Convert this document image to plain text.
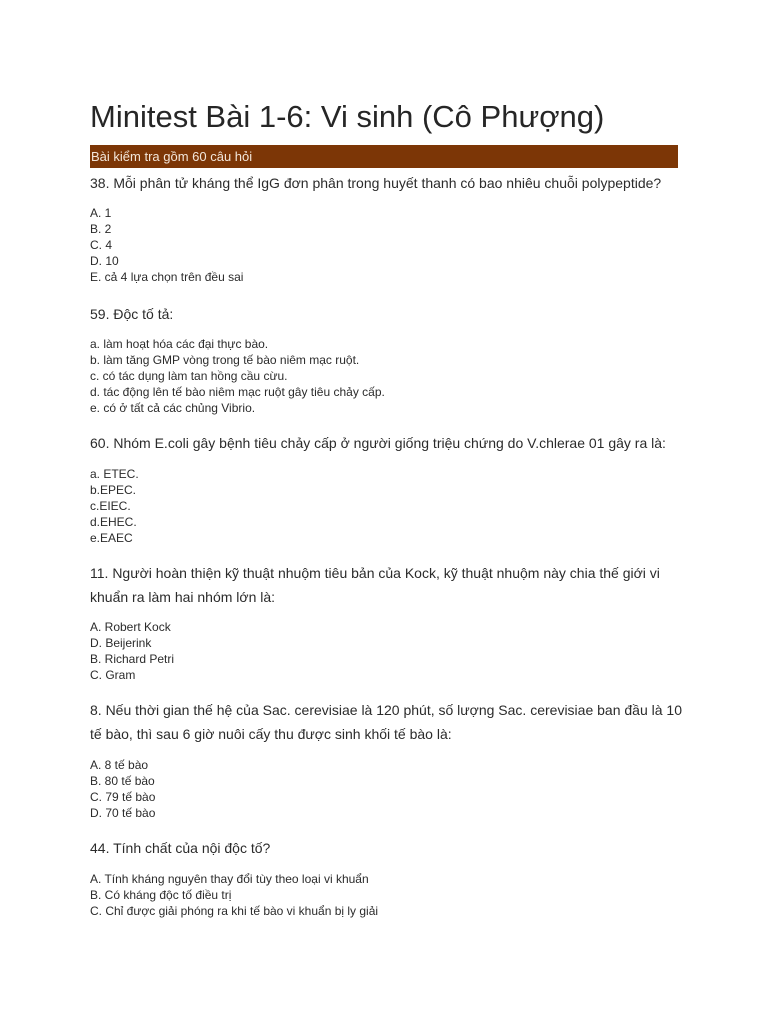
Minitest Bài 1-6: Vi sinh (Cô Phượng)
Bài kiểm tra gồm 60 câu hỏi

38. Mỗi phân tử kháng thể IgG đơn phân trong huyết thanh có bao nhiêu chuỗi polypeptide?

A. 1
B. 2
C. 4
D. 10
E. cả 4 lựa chọn trên đều sai

59. Độc tố tả:

a. làm hoạt hóa các đại thực bào.
b. làm tăng GMP vòng trong tế bào niêm mạc ruột.
c. có tác dụng làm tan hồng cầu cừu.
d. tác động lên tế bào niêm mạc ruột gây tiêu chảy cấp.
e. có ở tất cả các chủng Vibrio.

60. Nhóm E.coli gây bệnh tiêu chảy cấp ở người giống triệu chứng do V.chlerae 01 gây ra là:

a. ETEC.
b.EPEC.
c.EIEC.
d.EHEC.
e.EAEC

11. Người hoàn thiện kỹ thuật nhuộm tiêu bản của Kock, kỹ thuật nhuộm này chia thế giới vi khuẩn ra làm hai nhóm lớn là:

A. Robert Kock
D. Beijerink
B. Richard Petri
C. Gram

8. Nếu thời gian thế hệ của Sac. cerevisiae là 120 phút, số lượng Sac. cerevisiae ban đầu là 10 tế bào, thì sau 6 giờ nuôi cấy thu được sinh khối tế bào là:

A. 8 tế bào
B. 80 tế bào
C. 79 tế bào
D. 70 tế bào

44. Tính chất của nội độc tố?

A. Tính kháng nguyên thay đổi tùy theo loại vi khuẩn
B. Có kháng độc tố điều trị
C. Chỉ được giải phóng ra khi tế bào vi khuẩn bị ly giải
